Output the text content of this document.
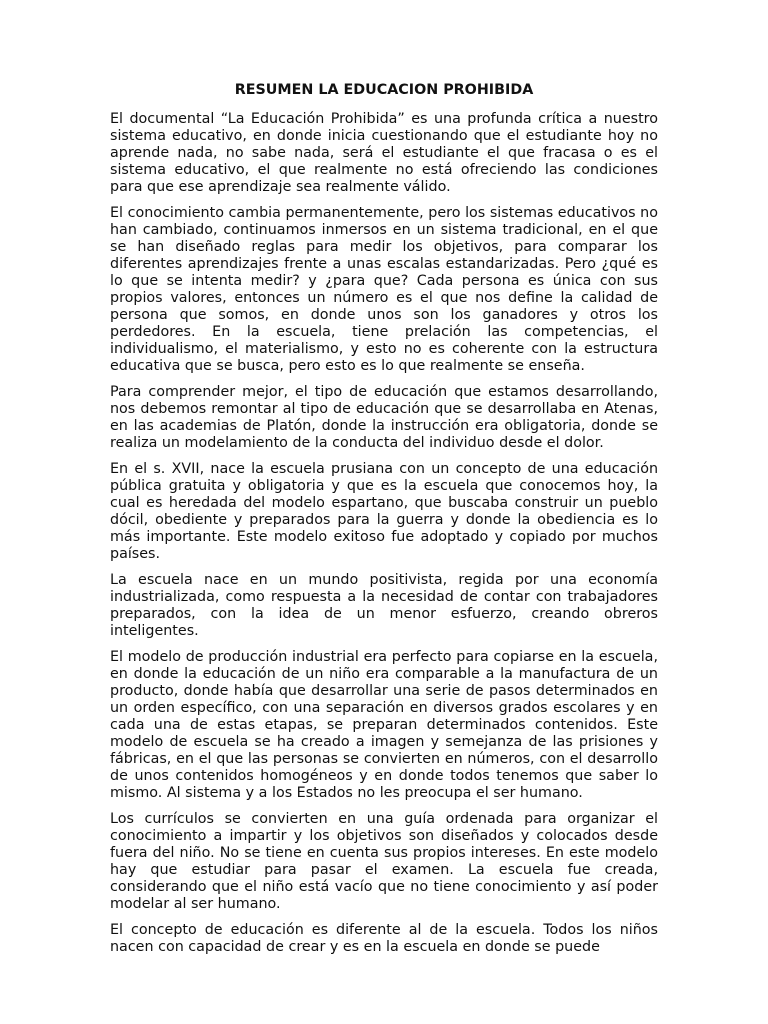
RESUMEN LA EDUCACION PROHIBIDA

El documental “La Educación Prohibida” es una profunda crítica a nuestro sistema educativo, en donde inicia cuestionando que el estudiante hoy no aprende nada, no sabe nada, será el estudiante el que fracasa o es el sistema educativo, el que realmente no está ofreciendo las condiciones para que ese aprendizaje sea realmente válido.

El conocimiento cambia permanentemente, pero los sistemas educativos no han cambiado, continuamos inmersos en un sistema tradicional, en el que se han diseñado reglas para medir los objetivos, para comparar los diferentes aprendizajes frente a unas escalas estandarizadas. Pero ¿qué es lo que se intenta medir? y ¿para que? Cada persona es única con sus propios valores, entonces un número es el que nos define la calidad de persona que somos, en donde unos son los ganadores y otros los perdedores. En la escuela, tiene prelación las competencias, el individualismo, el materialismo, y esto no es coherente con la estructura educativa que se busca, pero esto es lo que realmente se enseña.

Para comprender mejor, el tipo de educación que estamos desarrollando, nos debemos remontar al tipo de educación que se desarrollaba en Atenas, en las academias de Platón, donde la instrucción era obligatoria, donde se realiza un modelamiento de la conducta del individuo desde el dolor.

En el s. XVII, nace la escuela prusiana con un concepto de una educación pública gratuita y obligatoria y que es la escuela que conocemos hoy, la cual es heredada del modelo espartano, que buscaba construir un pueblo dócil, obediente y preparados para la guerra y donde la obediencia es lo más importante. Este modelo exitoso fue adoptado y copiado por muchos países.

La escuela nace en un mundo positivista, regida por una economía industrializada, como respuesta a la necesidad de contar con trabajadores preparados, con la idea de un menor esfuerzo, creando obreros inteligentes.

El modelo de producción industrial era perfecto para copiarse en la escuela, en donde la educación de un niño era comparable a la manufactura de un producto, donde había que desarrollar una serie de pasos determinados en un orden específico, con una separación en diversos grados escolares y en cada una de estas etapas, se preparan determinados contenidos. Este modelo de escuela se ha creado a imagen y semejanza de las prisiones y fábricas, en el que las personas se convierten en números, con el desarrollo de unos contenidos homogéneos y en donde todos tenemos que saber lo mismo. Al sistema y a los Estados no les preocupa el ser humano.

Los currículos se convierten en una guía ordenada para organizar el conocimiento a impartir y los objetivos son diseñados y colocados desde fuera del niño. No se tiene en cuenta sus propios intereses. En este modelo hay que estudiar para pasar el examen. La escuela fue creada, considerando que el niño está vacío que no tiene conocimiento y así poder modelar al ser humano.

El concepto de educación es diferente al de la escuela. Todos los niños nacen con capacidad de crear y es en la escuela en donde se puede
